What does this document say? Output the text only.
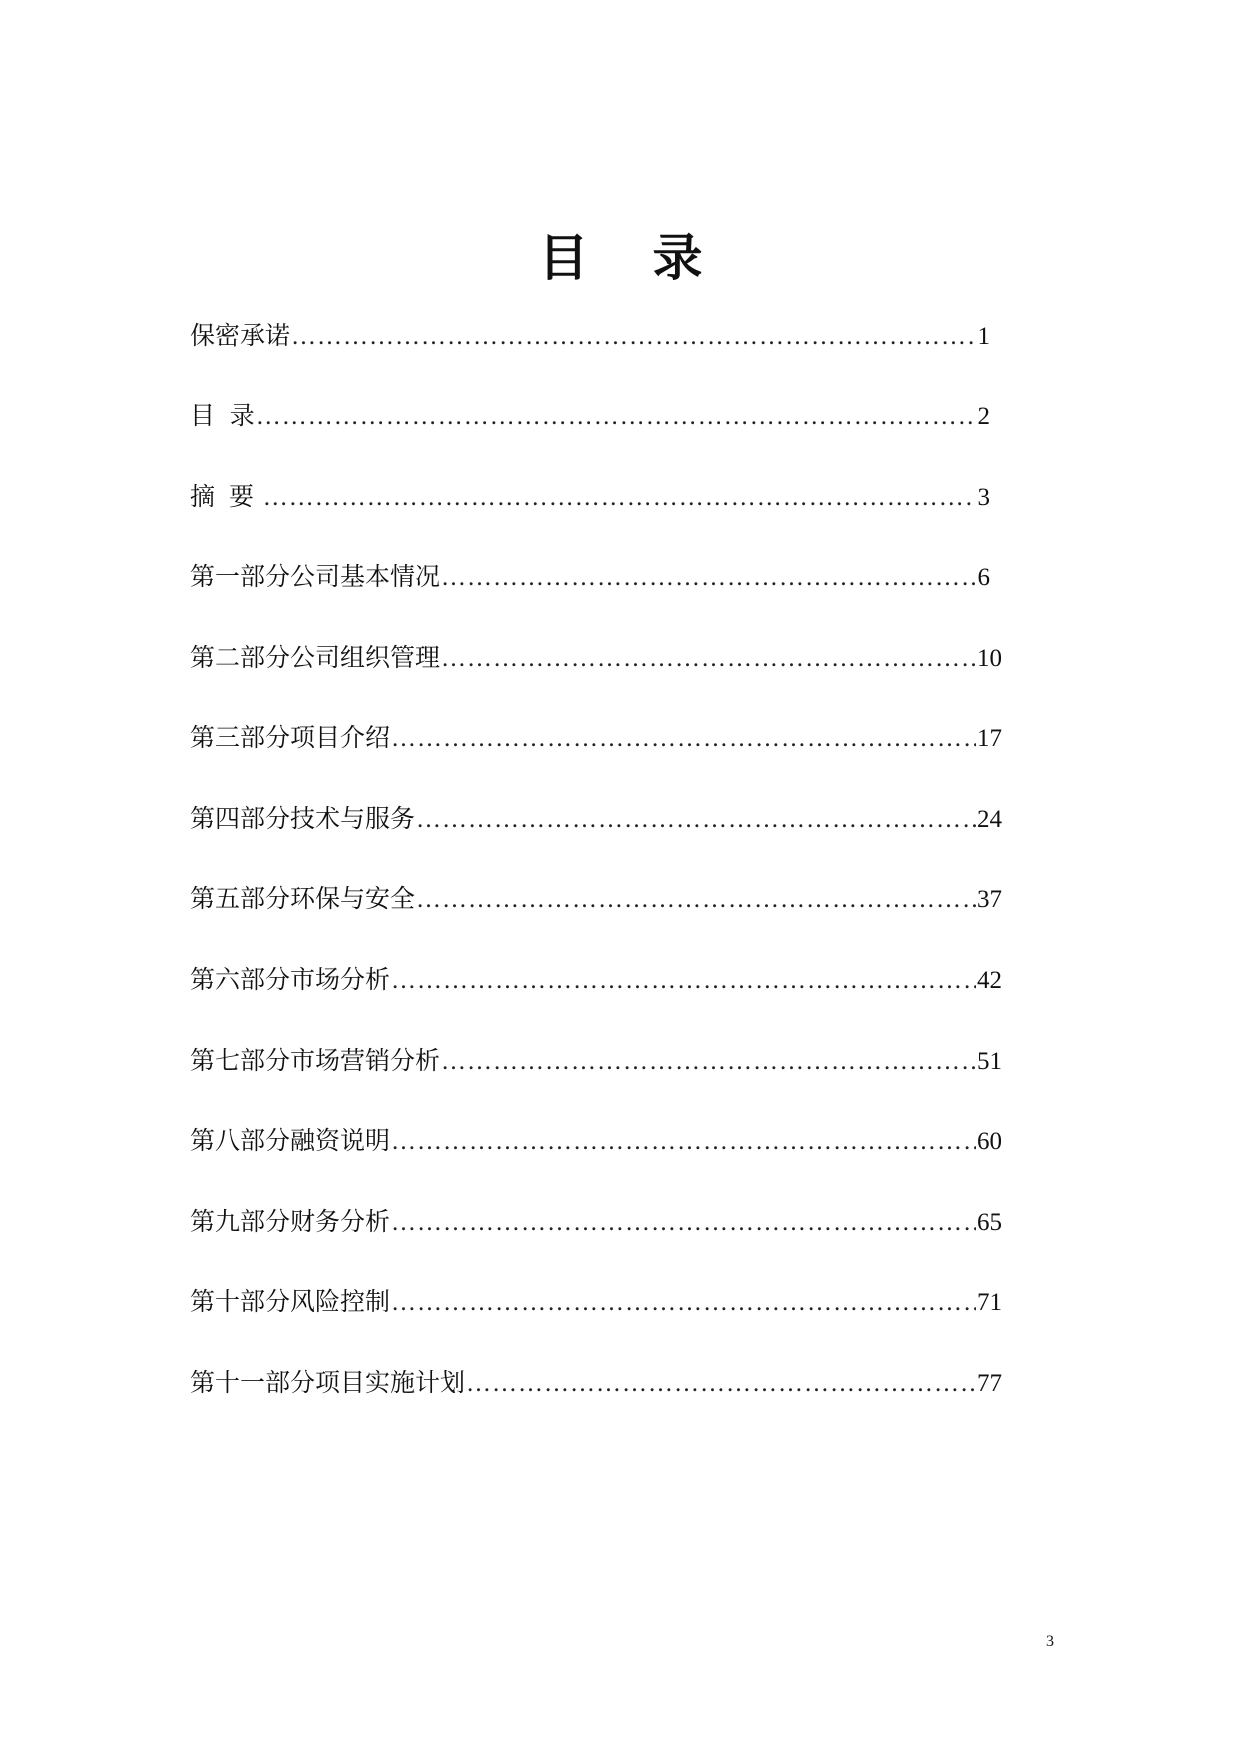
目 录
保密承诺 ………………………………………………………………………………………………………………………………………………………………	1
目 录 ………………………………………………………………………………………………………………………………………………………………	2
摘 要 ………………………………………………………………………………………………………………………………………………………………	3
第一部分 公司基本情况 ………………………………………………………………………………………………………………………………………………………………	6
第二部分 公司组织管理 ………………………………………………………………………………………………………………………………………………………………	10
第三部分 项目介绍 ………………………………………………………………………………………………………………………………………………………………	17
第四部分 技术与服务 ………………………………………………………………………………………………………………………………………………………………	24
第五部分 环保与安全 ………………………………………………………………………………………………………………………………………………………………	37
第六部分 市场分析 ………………………………………………………………………………………………………………………………………………………………	42
第七部分 市场营销分析 ………………………………………………………………………………………………………………………………………………………………	51
第八部分 融资说明 ………………………………………………………………………………………………………………………………………………………………	60
第九部分 财务分析 ………………………………………………………………………………………………………………………………………………………………	65
第十部分 风险控制 ………………………………………………………………………………………………………………………………………………………………	71
第十一部分 项目实施计划 ………………………………………………………………………………………………………………………………………………………………	77
3
